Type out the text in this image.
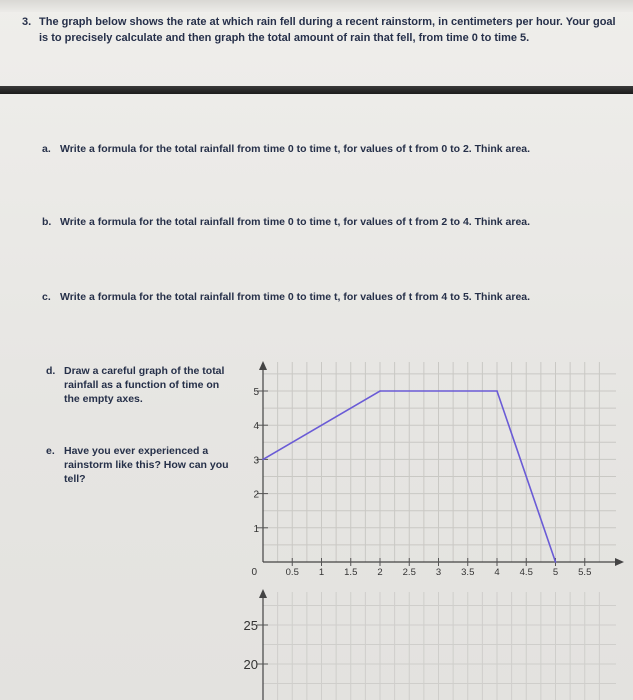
3. The graph below shows the rate at which rain fell during a recent rainstorm, in centimeters per hour. Your goal is to precisely calculate and then graph the total amount of rain that fell, from time 0 to time 5.
a. Write a formula for the total rainfall from time 0 to time t, for values of t from 0 to 2. Think area.
b. Write a formula for the total rainfall from time 0 to time t, for values of t from 2 to 4. Think area.
c. Write a formula for the total rainfall from time 0 to time t, for values of t from 4 to 5. Think area.
d. Draw a careful graph of the total rainfall as a function of time on the empty axes.
e. Have you ever experienced a rainstorm like this? How can you tell?
1
2
3
4
5
0.5 1 1.5 2 2.5 3 3.5 4 4.5 5 5.5
0
25
20
